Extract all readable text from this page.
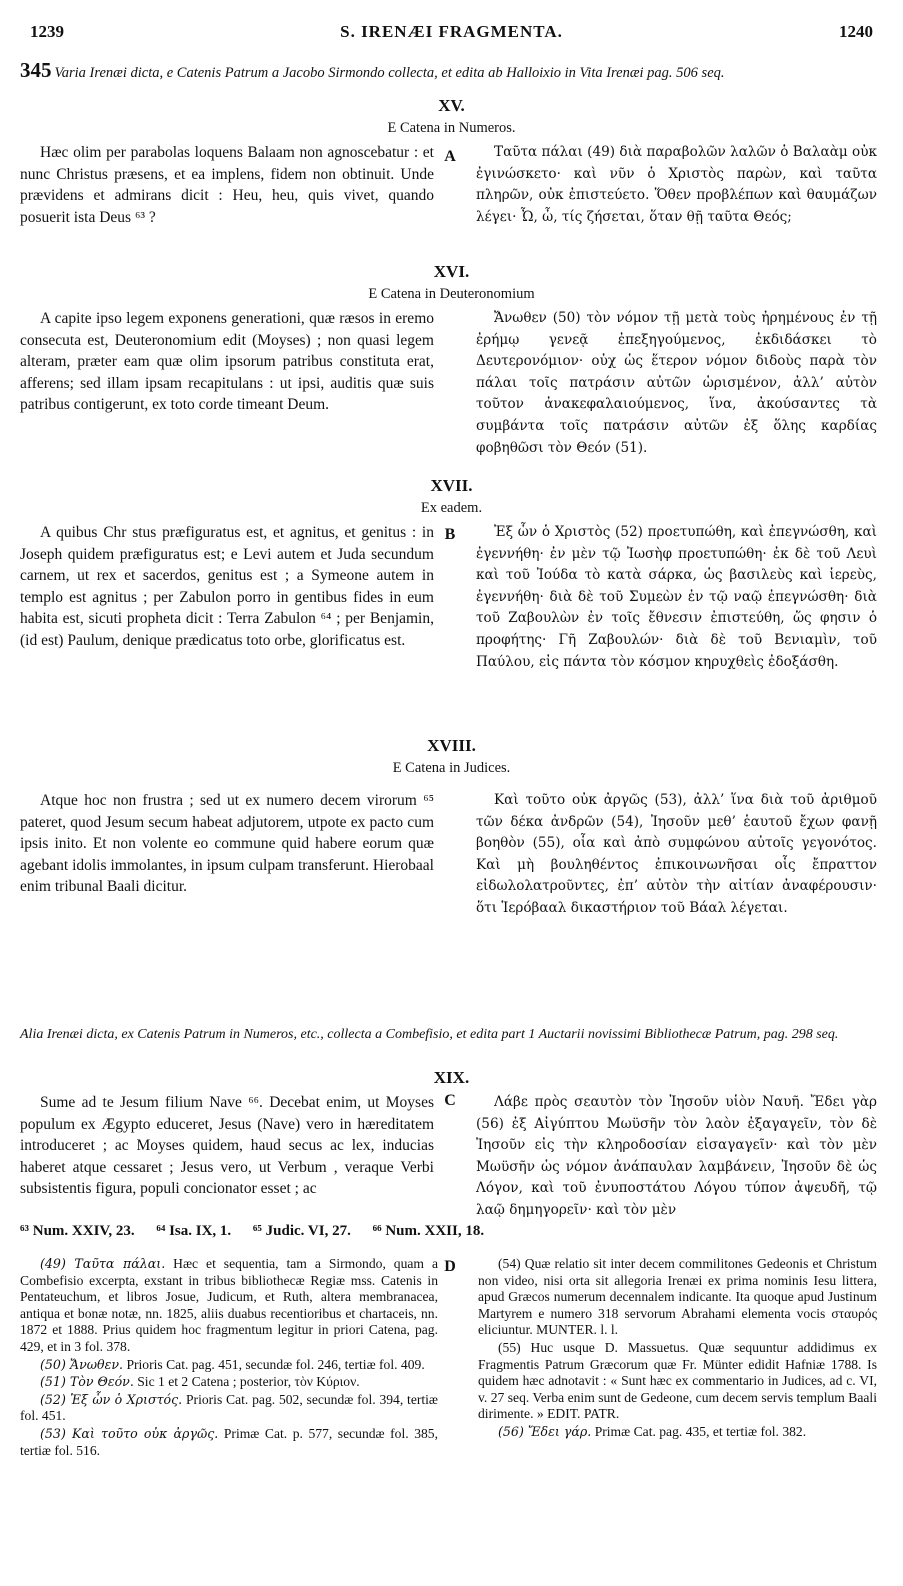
1239	S. IRENÆI FRAGMENTA.	1240
345 Varia Irenæi dicta, e Catenis Patrum a Jacobo Sirmondo collecta, et edita ab Halloixio in Vita Irenæi pag. 506 seq.
XV.
E Catena in Numeros.

Hæc olim per parabolas loquens Balaam non agnoscebatur : et nunc Christus præsens, et ea implens, fidem non obtinuit. Unde prævidens et admirans dicit : Heu, heu, quis vivet, quando posuerit ista Deus ⁶³ ?

A	Ταῦτα πάλαι (49) διὰ παραβολῶν λαλῶν ὁ Βαλαὰμ οὐκ ἐγινώσκετο· καὶ νῦν ὁ Χριστὸς παρὼν, καὶ ταῦτα πληρῶν, οὐκ ἐπιστεύετο. Ὅθεν προβλέπων καὶ θαυμάζων λέγει· Ὦ, ὦ, τίς ζήσεται, ὅταν θῇ ταῦτα Θεός;

XVI.
E Catena in Deuteronomium

A capite ipso legem exponens generationi, quæ ræsos in eremo consecuta est, Deuteronomium edit (Moyses) ; non quasi legem alteram, præter eam quæ olim ipsorum patribus constituta erat, afferens; sed illam ipsam recapitulans : ut ipsi, auditis quæ suis patribus contigerunt, ex toto corde timeant Deum.

Ἄνωθεν (50) τὸν νόμον τῇ μετὰ τοὺς ἠρημένους ἐν τῇ ἐρήμῳ γενεᾷ ἐπεξηγούμενος, ἐκδιδάσκει τὸ Δευτερονόμιον· οὐχ ὡς ἕτερον νόμον διδοὺς παρὰ τὸν πάλαι τοῖς πατράσιν αὐτῶν ὡρισμένον, ἀλλ’ αὐτὸν τοῦτον ἀνακεφαλαιούμενος, ἵνα, ἀκούσαντες τὰ συμβάντα τοῖς πατράσιν αὐτῶν ἐξ ὅλης καρδίας φοβηθῶσι τὸν Θεόν (51).

XVII.
Ex eadem.

A quibus Chr stus præfiguratus est, et agnitus, et genitus : in Joseph quidem præfiguratus est; e Levi autem et Juda secundum carnem, ut rex et sacerdos, genitus est ; a Symeone autem in templo est agnitus ; per Zabulon porro in gentibus fides in eum habita est, sicuti propheta dicit : Terra Zabulon ⁶⁴ ; per Benjamin, (id est) Paulum, denique prædicatus toto orbe, glorificatus est.

B	Ἐξ ὧν ὁ Χριστὸς (52) προετυπώθη, καὶ ἐπεγνώσθη, καὶ ἐγεννήθη· ἐν μὲν τῷ Ἰωσὴφ προετυπώθη· ἐκ δὲ τοῦ Λευὶ καὶ τοῦ Ἰούδα τὸ κατὰ σάρκα, ὡς βασιλεὺς καὶ ἱερεὺς, ἐγεννήθη· διὰ δὲ τοῦ Συμεὼν ἐν τῷ ναῷ ἐπεγνώσθη· διὰ τοῦ Ζαβουλὼν ἐν τοῖς ἔθνεσιν ἐπιστεύθη, ὥς φησιν ὁ προφήτης· Γῆ Ζαβουλών· διὰ δὲ τοῦ Βενιαμὶν, τοῦ Παύλου, εἰς πάντα τὸν κόσμον κηρυχθεὶς ἐδοξάσθη.

XVIII.
E Catena in Judices.

Atque hoc non frustra ; sed ut ex numero decem virorum ⁶⁵ pateret, quod Jesum secum habeat adjutorem, utpote ex pacto cum ipsis inito. Et non volente eo commune quid habere eorum quæ agebant idolis immolantes, in ipsum culpam transferunt. Hierobaal enim tribunal Baali dicitur.

Καὶ τοῦτο οὐκ ἀργῶς (53), ἀλλ’ ἵνα διὰ τοῦ ἀριθμοῦ τῶν δέκα ἀνδρῶν (54), Ἰησοῦν μεθ’ ἑαυτοῦ ἔχων φανῇ βοηθὸν (55), οἷα καὶ ἀπὸ συμφώνου αὐτοῖς γεγονότος. Καὶ μὴ βουληθέντος ἐπικοινωνῆσαι οἷς ἔπραττον εἰδωλολατροῦντες, ἐπ’ αὐτὸν τὴν αἰτίαν ἀναφέρουσιν· ὅτι Ἱερόβααλ δικαστήριον τοῦ Βάαλ λέγεται.

Alia Irenæi dicta, ex Catenis Patrum in Numeros, etc., collecta a Combefisio, et edita part 1 Auctarii novissimi Bibliothecæ Patrum, pag. 298 seq.
XIX.

Sume ad te Jesum filium Nave ⁶⁶. Decebat enim, ut Moyses populum ex Ægypto educeret, Jesus (Nave) vero in hæreditatem introduceret ; ac Moyses quidem, haud secus ac lex, inducias haberet atque cessaret ; Jesus vero, ut Verbum , veraque Verbi subsistentis figura, populi concionator esset ; ac

C	Λάβε πρὸς σεαυτὸν τὸν Ἰησοῦν υἱὸν Ναυῆ. Ἔδει γὰρ (56) ἐξ Αἰγύπτου Μωϋσῆν τὸν λαὸν ἐξαγαγεῖν, τὸν δὲ Ἰησοῦν εἰς τὴν κληροδοσίαν εἰσαγαγεῖν· καὶ τὸν μὲν Μωϋσῆν ὡς νόμον ἀνάπαυλαν λαμβάνειν, Ἰησοῦν δὲ ὡς Λόγον, καὶ τοῦ ἐνυποστάτου Λόγου τύπον ἀψευδῆ, τῷ λαῷ δημηγορεῖν· καὶ τὸν μὲν

⁶³ Num. XXIV, 23. ⁶⁴ Isa. IX, 1. ⁶⁵ Judic. VI, 27. ⁶⁶ Num. XXII, 18.
D

(49) Ταῦτα πάλαι. Hæc et sequentia, tam a Sirmondo, quam a Combefisio excerpta, exstant in tribus bibliothecæ Regiæ mss. Catenis in Pentateuchum, et libros Josue, Judicum, et Ruth, altera membranacea, antiqua et bonæ notæ, nn. 1825, aliis duabus recentioribus et chartaceis, nn. 1872 et 1888. Prius quidem hoc fragmentum legitur in priori Catena, pag. 429, et in 3 fol. 378.

(50) Ἄνωθεν. Prioris Cat. pag. 451, secundæ fol. 246, tertiæ fol. 409.

(51) Τὸν Θεόν. Sic 1 et 2 Catena ; posterior, τὸν Κύριον.

(52) Ἐξ ὧν ὁ Χριστός. Prioris Cat. pag. 502, secundæ fol. 394, tertiæ fol. 451.

(53) Καὶ τοῦτο οὐκ ἀργῶς. Primæ Cat. p. 577, secundæ fol. 385, tertiæ fol. 516.

(54) Quæ relatio sit inter decem commilitones Gedeonis et Christum non video, nisi orta sit allegoria Irenæi ex prima nominis Iesu littera, apud Græcos numerum decennalem indicante. Ita quoque apud Justinum Martyrem e numero 318 servorum Abrahami elementa vocis σταυρός eliciuntur. MUNTER. l. l.

(55) Huc usque D. Massuetus. Quæ sequuntur addidimus ex Fragmentis Patrum Græcorum quæ Fr. Münter edidit Hafniæ 1788. Is quidem hæc adnotavit : « Sunt hæc ex commentario in Judices, ad c. VI, v. 27 seq. Verba enim sunt de Gedeone, cum decem servis templum Baali dirimente. » EDIT. PATR.

(56) Ἔδει γάρ. Primæ Cat. pag. 435, et tertiæ fol. 382.
